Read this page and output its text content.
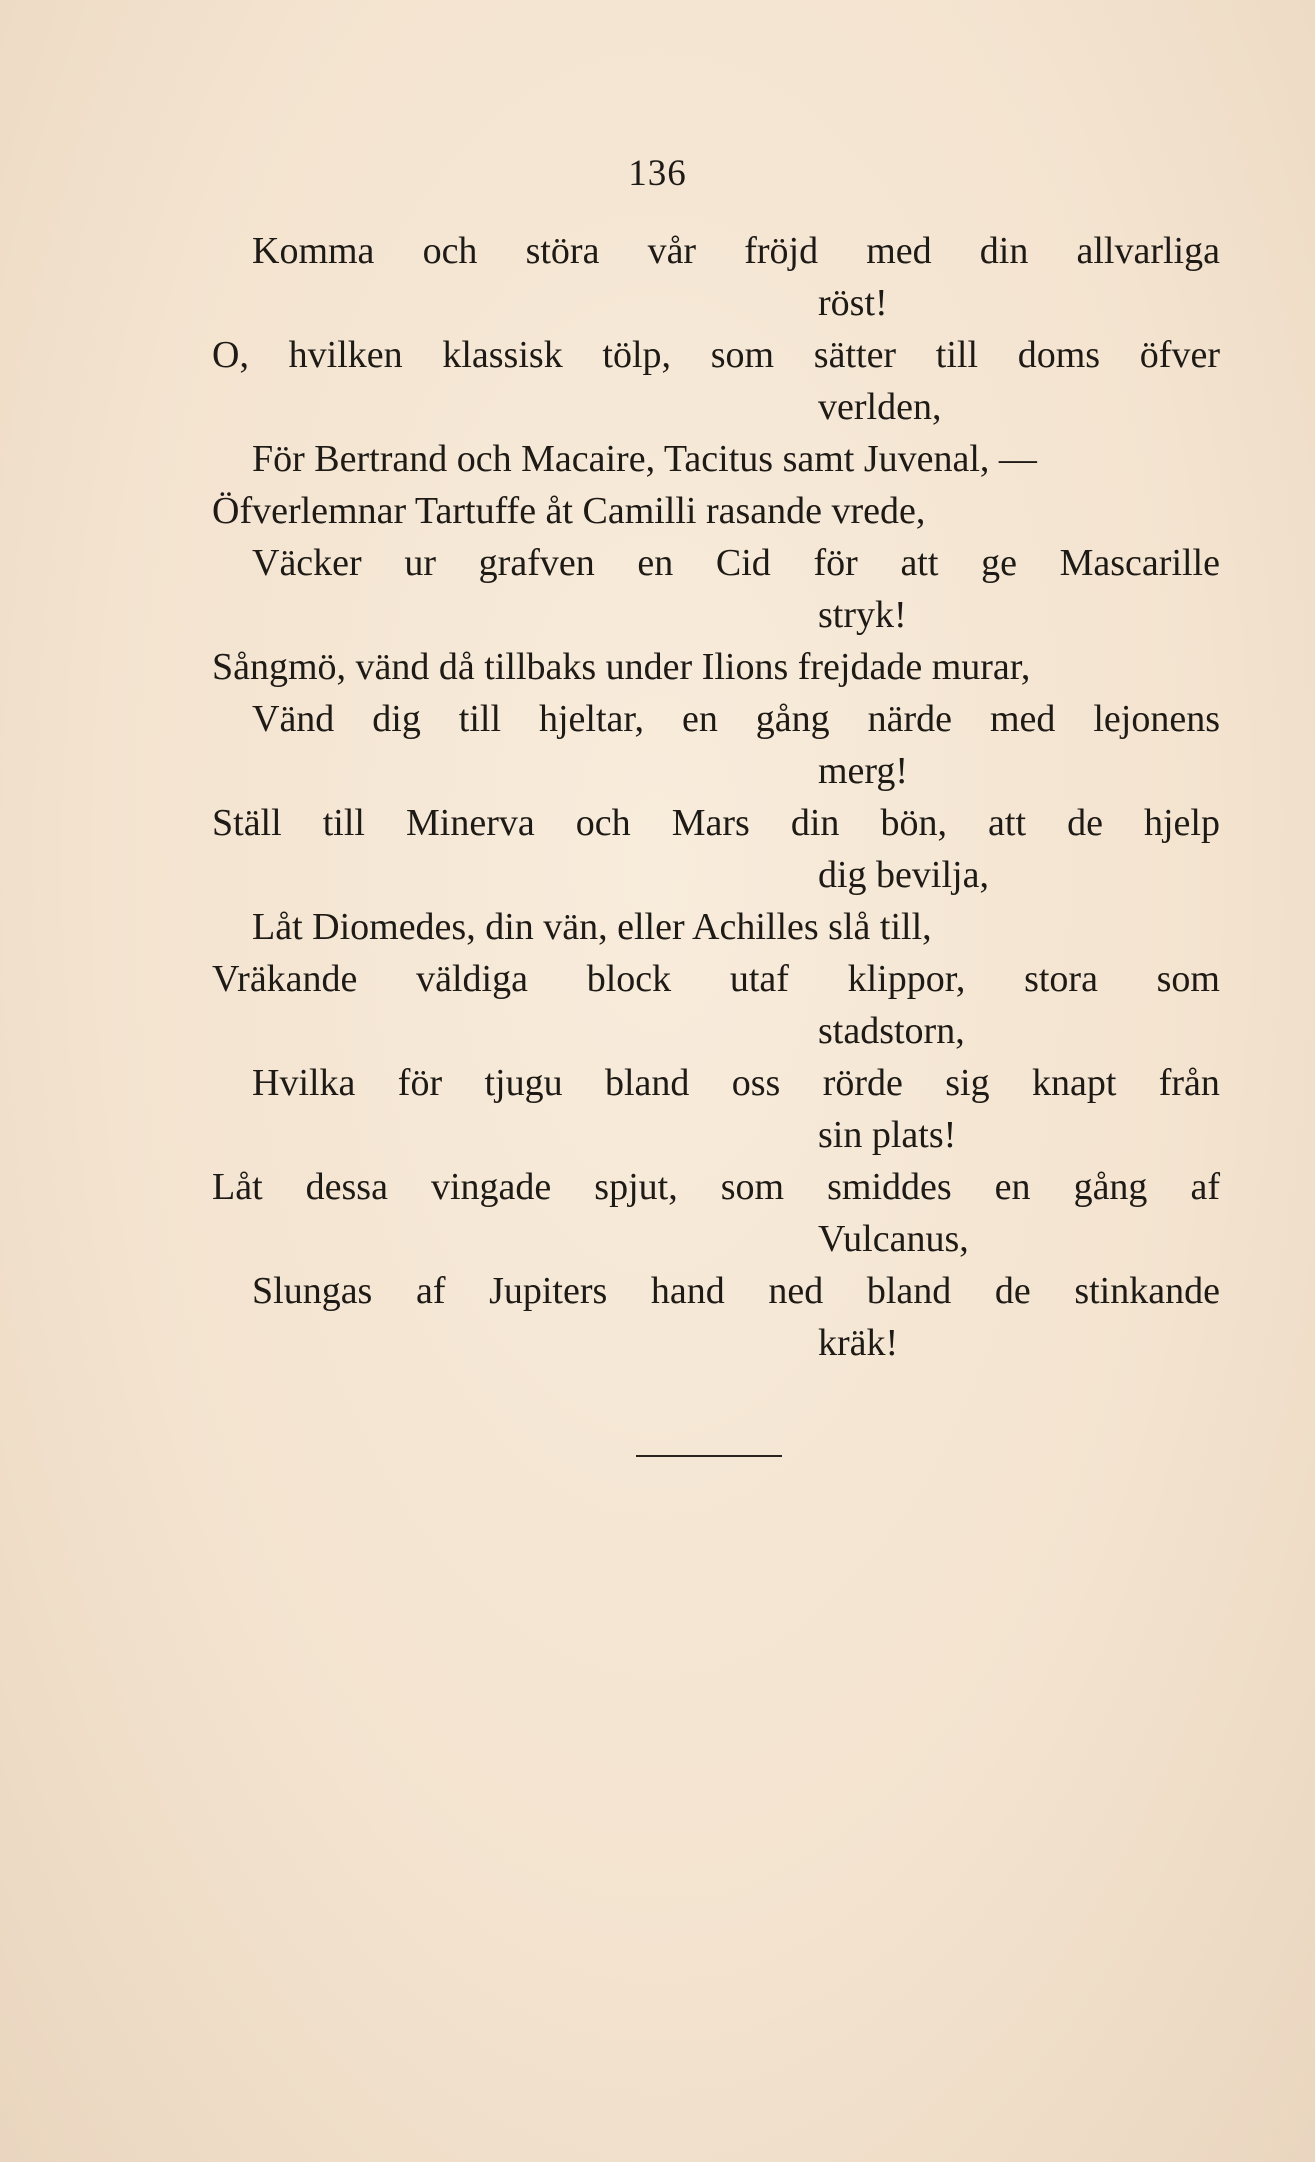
136
Komma och störa vår fröjd med din allvarliga
röst!
O, hvilken klassisk tölp, som sätter till doms öfver
verlden,
För Bertrand och Macaire, Tacitus samt Juvenal, —
Öfverlemnar Tartuffe åt Camilli rasande vrede,
Väcker ur grafven en Cid för att ge Mascarille
stryk!
Sångmö, vänd då tillbaks under Ilions frejdade murar,
Vänd dig till hjeltar, en gång närde med lejonens
merg!
Ställ till Minerva och Mars din bön, att de hjelp
dig bevilja,
Låt Diomedes, din vän, eller Achilles slå till,
Vräkande väldiga block utaf klippor, stora som
stadstorn,
Hvilka för tjugu bland oss rörde sig knapt från
sin plats!
Låt dessa vingade spjut, som smiddes en gång af
Vulcanus,
Slungas af Jupiters hand ned bland de stinkande
kräk!
